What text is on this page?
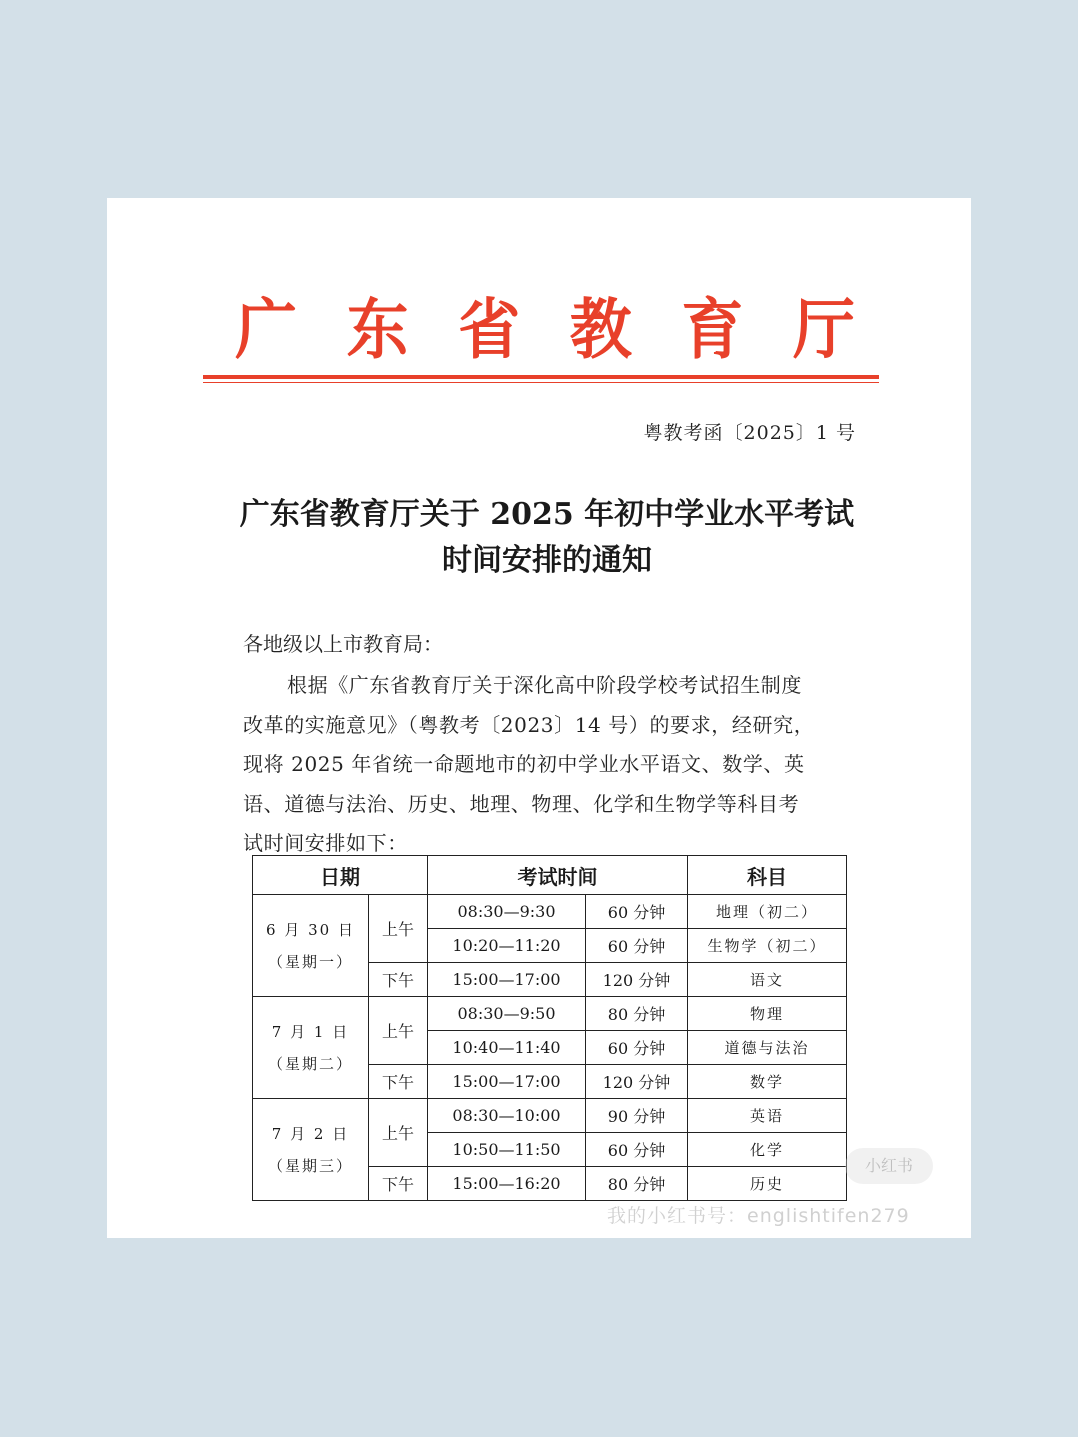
广 东 省 教 育 厅
粤教考函〔2025〕1 号
广东省教育厅关于 2025 年初中学业水平考试
时间安排的通知
各地级以上市教育局：

根据《广东省教育厅关于深化高中阶段学校考试招生制度

改革的实施意见》（粤教考〔2023〕14 号）的要求，经研究，

现将 2025 年省统一命题地市的初中学业水平语文、数学、英

语、道德与法治、历史、地理、物理、化学和生物学等科目考

试时间安排如下：

日期		考试时间		科目

6 月 30 日
（星期一）	上午	08:30—9:30	60 分钟	地理（初二）
		10:20—11:20	60 分钟	生物学（初二）
	下午	15:00—17:00	120 分钟	语文

7 月 1 日
（星期二）	上午	08:30—9:50	80 分钟	物理
		10:40—11:40	60 分钟	道德与法治
	下午	15:00—17:00	120 分钟	数学

7 月 2 日
（星期三）	上午	08:30—10:00	90 分钟	英语
		10:50—11:50	60 分钟	化学
	下午	15:00—16:20	80 分钟	历史
小红书
我的小红书号：englishtifen279
